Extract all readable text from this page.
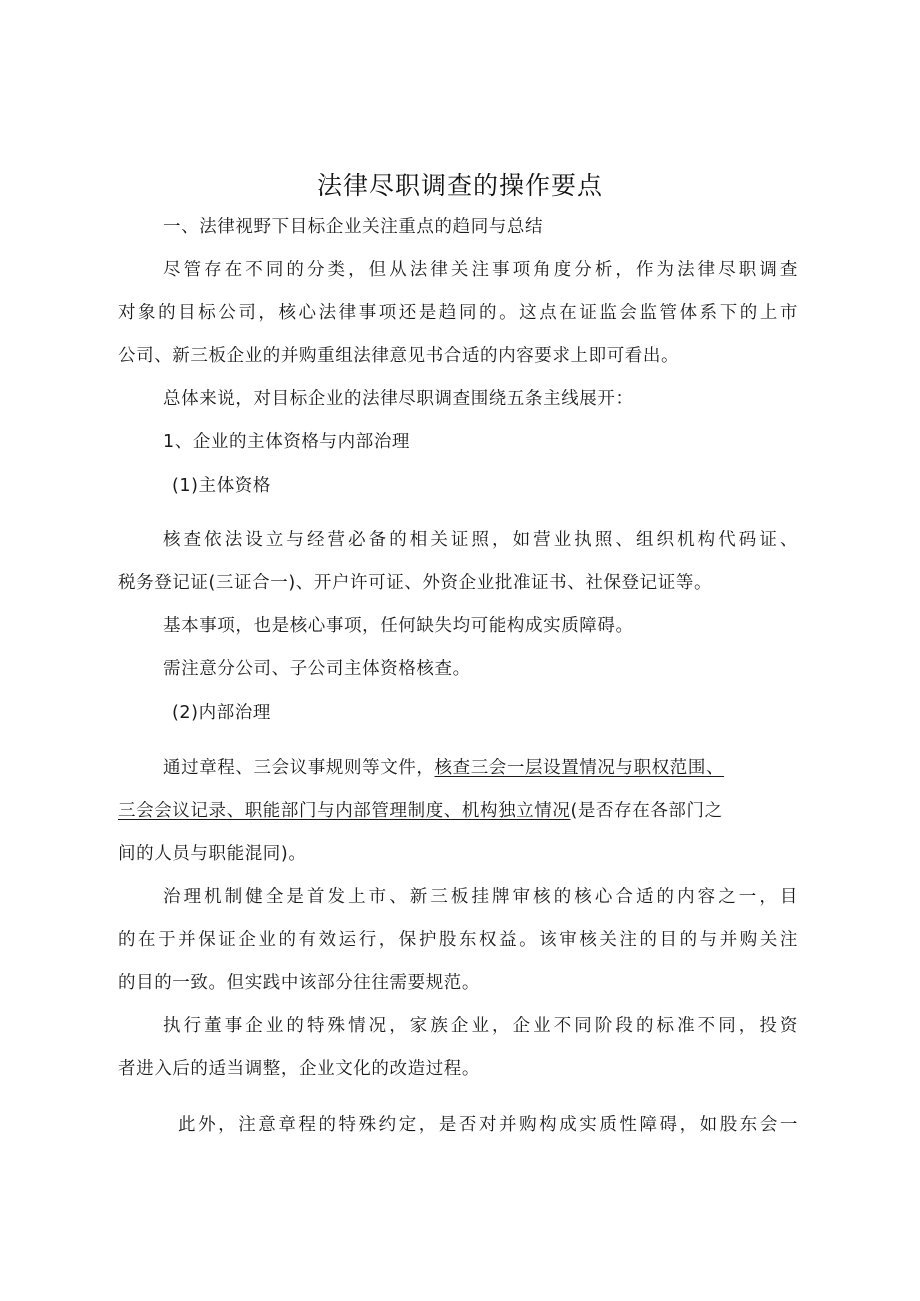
法律尽职调查的操作要点
一、法律视野下目标企业关注重点的趋同与总结
尽管存在不同的分类，但从法律关注事项角度分析，作为法律尽职调查
对象的目标公司，核心法律事项还是趋同的。这点在证监会监管体系下的上市
公司、新三板企业的并购重组法律意见书合适的内容要求上即可看出。
总体来说，对目标企业的法律尽职调查围绕五条主线展开：
1、企业的主体资格与内部治理
(1)主体资格
核查依法设立与经营必备的相关证照，如营业执照、组织机构代码证、
税务登记证(三证合一)、开户许可证、外资企业批准证书、社保登记证等。
基本事项，也是核心事项，任何缺失均可能构成实质障碍。
需注意分公司、子公司主体资格核查。
(2)内部治理
通过章程、三会议事规则等文件，核查三会一层设置情况与职权范围、
三会会议记录、职能部门与内部管理制度、机构独立情况(是否存在各部门之
间的人员与职能混同)。
治理机制健全是首发上市、新三板挂牌审核的核心合适的内容之一，目
的在于并保证企业的有效运行，保护股东权益。该审核关注的目的与并购关注
的目的一致。但实践中该部分往往需要规范。
执行董事企业的特殊情况，家族企业，企业不同阶段的标准不同，投资
者进入后的适当调整，企业文化的改造过程。
此外，注意章程的特殊约定，是否对并购构成实质性障碍，如股东会一
